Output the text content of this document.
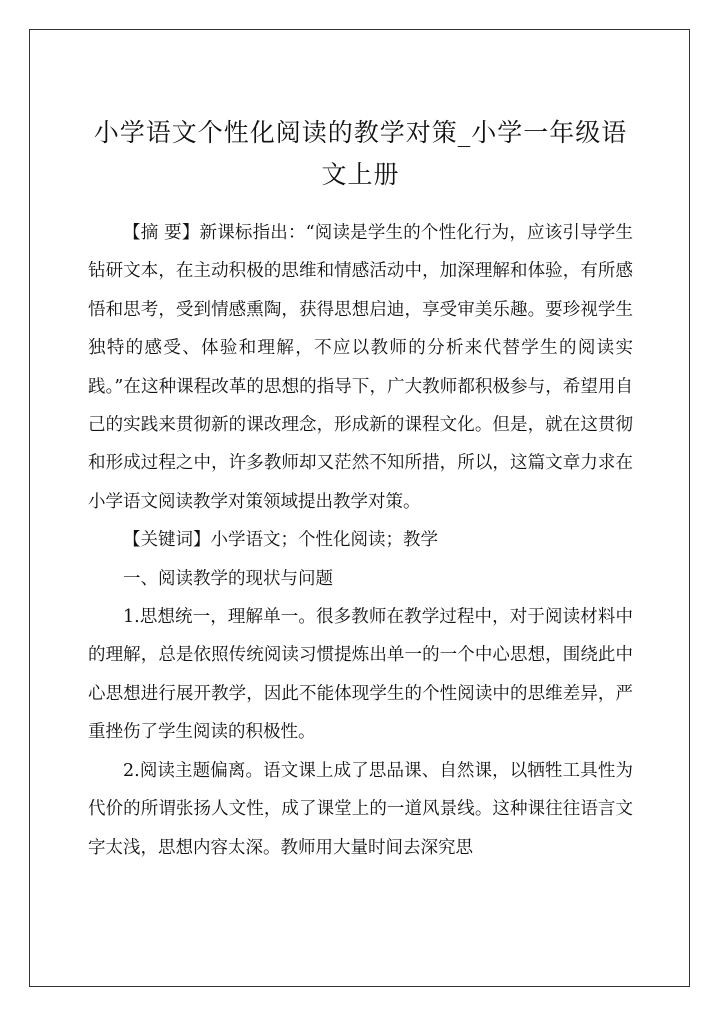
小学语文个性化阅读的教学对策_小学一年级语文上册

【摘 要】新课标指出：“阅读是学生的个性化行为，应该引导学生钻研文本，在主动积极的思维和情感活动中，加深理解和体验，有所感悟和思考，受到情感熏陶，获得思想启迪，享受审美乐趣。要珍视学生独特的感受、体验和理解，不应以教师的分析来代替学生的阅读实践。”在这种课程改革的思想的指导下，广大教师都积极参与，希望用自己的实践来贯彻新的课改理念，形成新的课程文化。但是，就在这贯彻和形成过程之中，许多教师却又茫然不知所措，所以，这篇文章力求在小学语文阅读教学对策领域提出教学对策。

【关键词】小学语文；个性化阅读；教学

一、阅读教学的现状与问题

1.思想统一，理解单一。很多教师在教学过程中，对于阅读材料中的理解，总是依照传统阅读习惯提炼出单一的一个中心思想，围绕此中心思想进行展开教学，因此不能体现学生的个性阅读中的思维差异，严重挫伤了学生阅读的积极性。

2.阅读主题偏离。语文课上成了思品课、自然课，以牺牲工具性为代价的所谓张扬人文性，成了课堂上的一道风景线。这种课往往语言文字太浅，思想内容太深。教师用大量时间去深究思
